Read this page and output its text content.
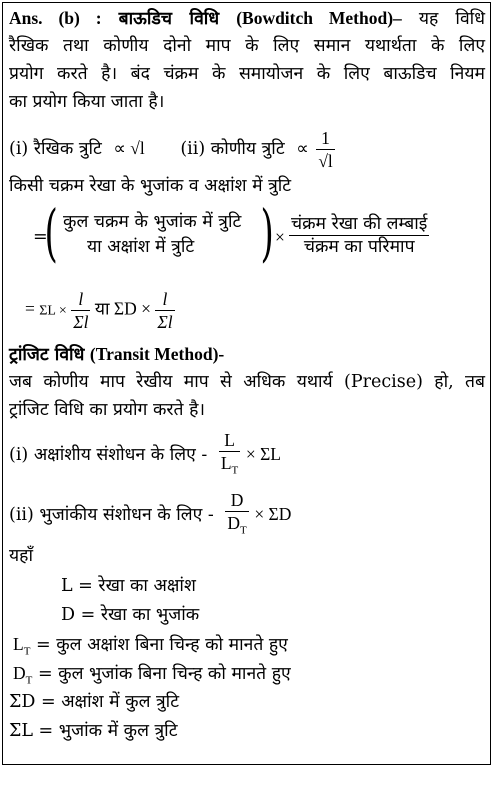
Ans. (b) : बाऊडिच विधि (Bowditch Method)– यह विधि
रैखिक तथा कोणीय दोनो माप के लिए समान यथार्थता के लिए
प्रयोग करते है। बंद चंक्रम के समायोजन के लिए बाऊडिच नियम
का प्रयोग किया जाता है।
(i) रैखिक त्रुटि ∝ √l (ii) कोणीय त्रुटि ∝ $\frac{1}{√l}$
किसी चक्रम रेखा के भुजांक व अक्षांश में त्रुटि
=
( कुल चक्रम के भुजांक में त्रुटि
या अक्षांश में त्रुटि ) × $\frac{\text{चंक्रम रेखा की लम्बाई}}{\text{चंक्रम का परिमाप}}$
= $\Sigma L \times \frac{l}{\Sigma l}$ या $\Sigma D \times \frac{l}{\Sigma l}$
ट्रांजिट विधि (Transit Method)-
जब कोणीय माप रेखीय माप से अधिक यथार्य (Precise) हो, तब
ट्रांजिट विधि का प्रयोग करते है।
(i) अक्षांशीय संशोधन के लिए - $\frac{L}{L_T} \times \Sigma L$
(ii) भुजांकीय संशोधन के लिए - $\frac{D}{D_T} \times \Sigma D$
यहाँ
L = रेखा का अक्षांश
D = रेखा का भुजांक
$L_T$ = कुल अक्षांश बिना चिन्ह को मानते हुए
$D_T$ = कुल भुजांक बिना चिन्ह को मानते हुए
ΣD = अक्षांश में कुल त्रुटि
ΣL = भुजांक में कुल त्रुटि
